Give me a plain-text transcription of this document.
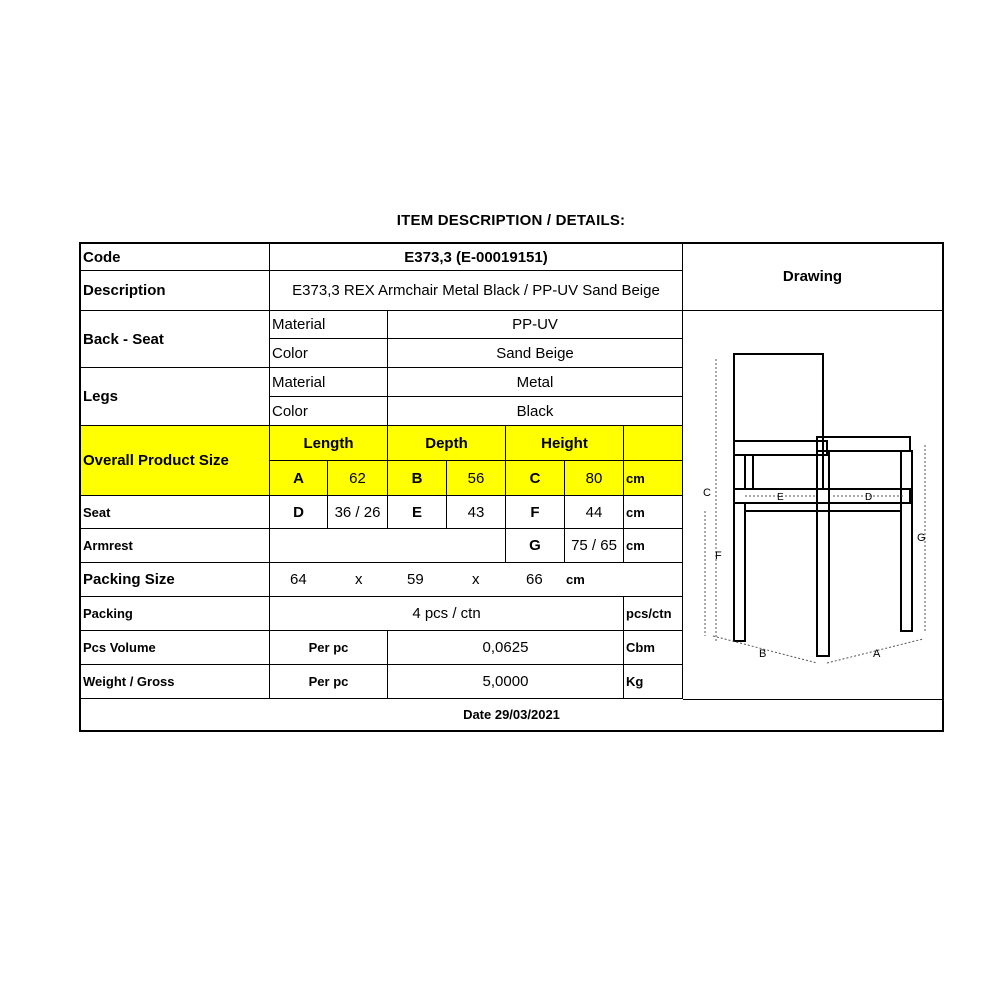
ITEM DESCRIPTION / DETAILS:
Code	E373,3 (E-00019151)
Description	E373,3 REX Armchair Metal Black / PP-UV Sand Beige
Drawing
Back - Seat
Material	PP-UV
Color	Sand Beige
Legs
Material	Metal
Color	Black
Overall Product Size
Length	Depth	Height
A	62	B	56	C	80	cm
Seat	D	36 / 26	E	43	F	44	cm
Armrest	G	75 / 65 cm
Packing Size	64	x	59	x	66 cm
Packing	4 pcs / ctn	pcs/ctn
Pcs Volume	Per pc	0,0625	Cbm
Weight / Gross	Per pc	5,0000	Kg
C
F
G
E	D
B	A
Date 29/03/2021
